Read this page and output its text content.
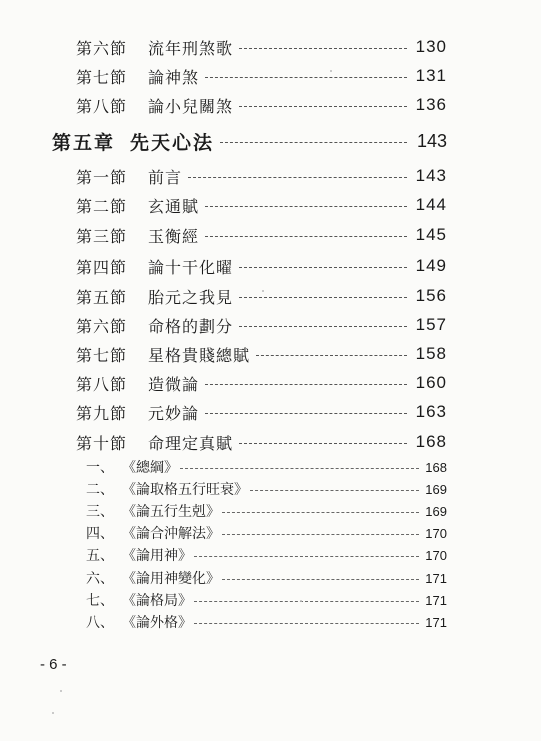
第六節	流年刑煞歌	130
第七節	論神煞	131
第八節	論小兒關煞	136
第五章 先天心法	143
第一節	前言	143
第二節	玄通賦	144
第三節	玉衡經	145
第四節	論十干化曜	149
第五節	胎元之我見	156
第六節	命格的劃分	157
第七節	星格貴賤總賦	158
第八節	造微論	160
第九節	元妙論	163
第十節	命理定真賦	168
一、 《總綱》	168
二、 《論取格五行旺衰》	169
三、 《論五行生剋》	169
四、 《論合沖解法》	170
五、 《論用神》	170
六、 《論用神變化》	171
七、 《論格局》	171
八、 《論外格》	171
- 6 -
